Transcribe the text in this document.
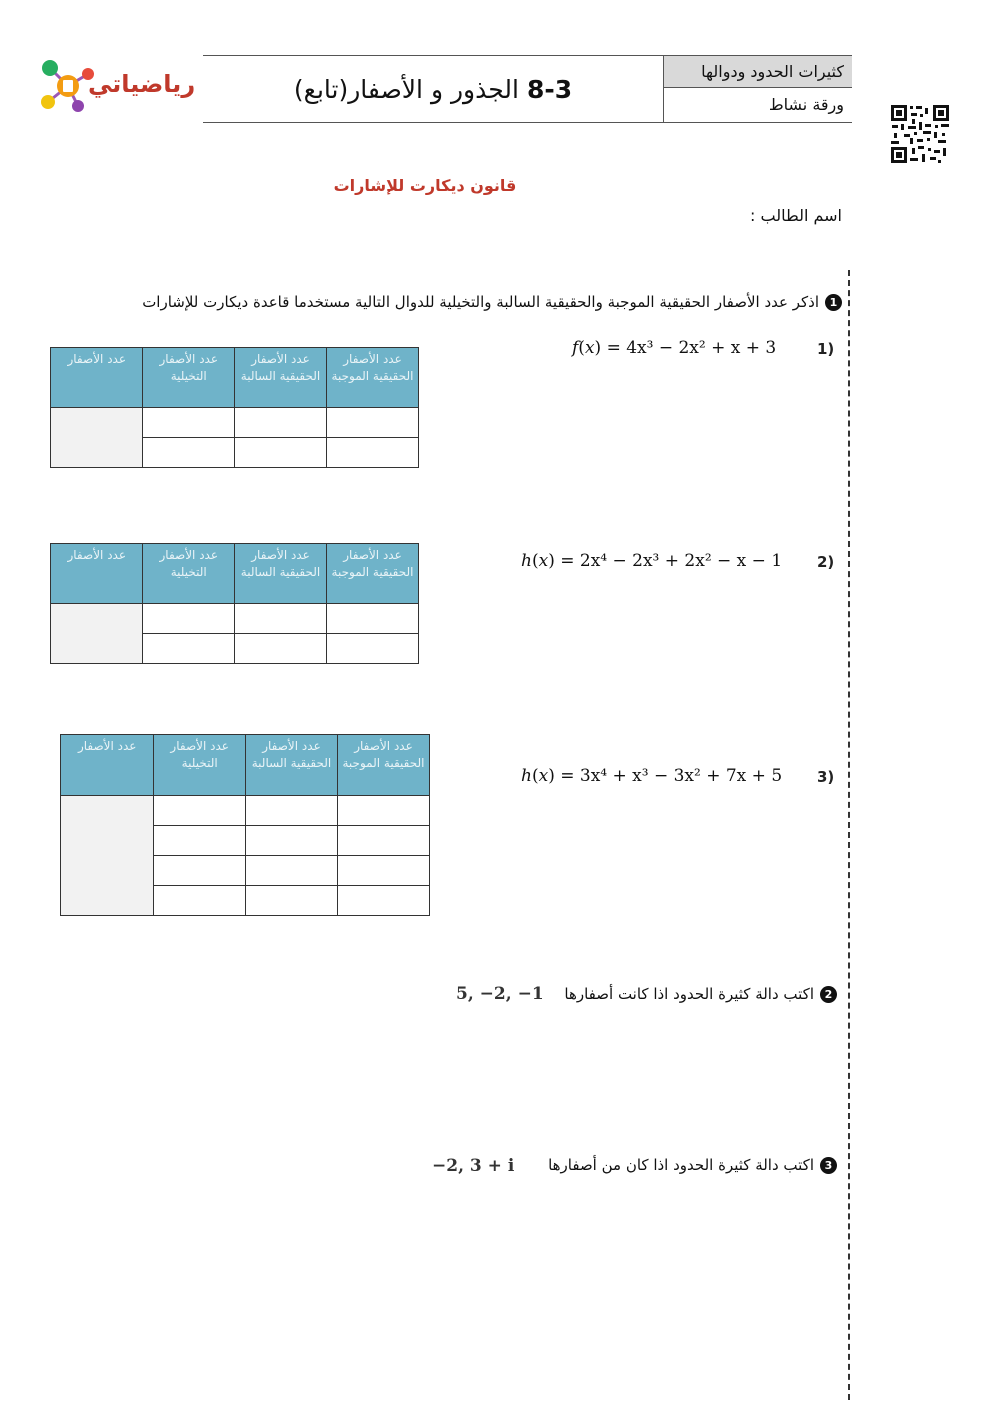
رياضياتي	8-3
الجذور و الأصفار(تابع)
كثيرات الحدود ودوالها
ورقة نشاط
قانون ديكارت للإشارات
اسم الطالب :
1اذكر عدد الأصفار الحقيقية الموجبة والحقيقية السالبة والتخيلية للدوال التالية مستخدما قاعدة ديكارت للإشارات
1)
f(x) = 4x³ − 2x² + x + 3
عدد الأصفار الحقيقية الموجبة	عدد الأصفار الحقيقية السالبة	عدد الأصفار التخيلية	عدد الأصفار

2)
h(x) = 2x⁴ − 2x³ + 2x² − x − 1
عدد الأصفار الحقيقية الموجبة	عدد الأصفار الحقيقية السالبة	عدد الأصفار التخيلية	عدد الأصفار

3)
h(x) = 3x⁴ + x³ − 3x² + 7x + 5
عدد الأصفار الحقيقية الموجبة	عدد الأصفار الحقيقية السالبة	عدد الأصفار التخيلية	عدد الأصفار

2اكتب دالة كثيرة الحدود اذا كانت أصفارها
5, −2, −1
3اكتب دالة كثيرة الحدود اذا كان من أصفارها
−2, 3 + i
